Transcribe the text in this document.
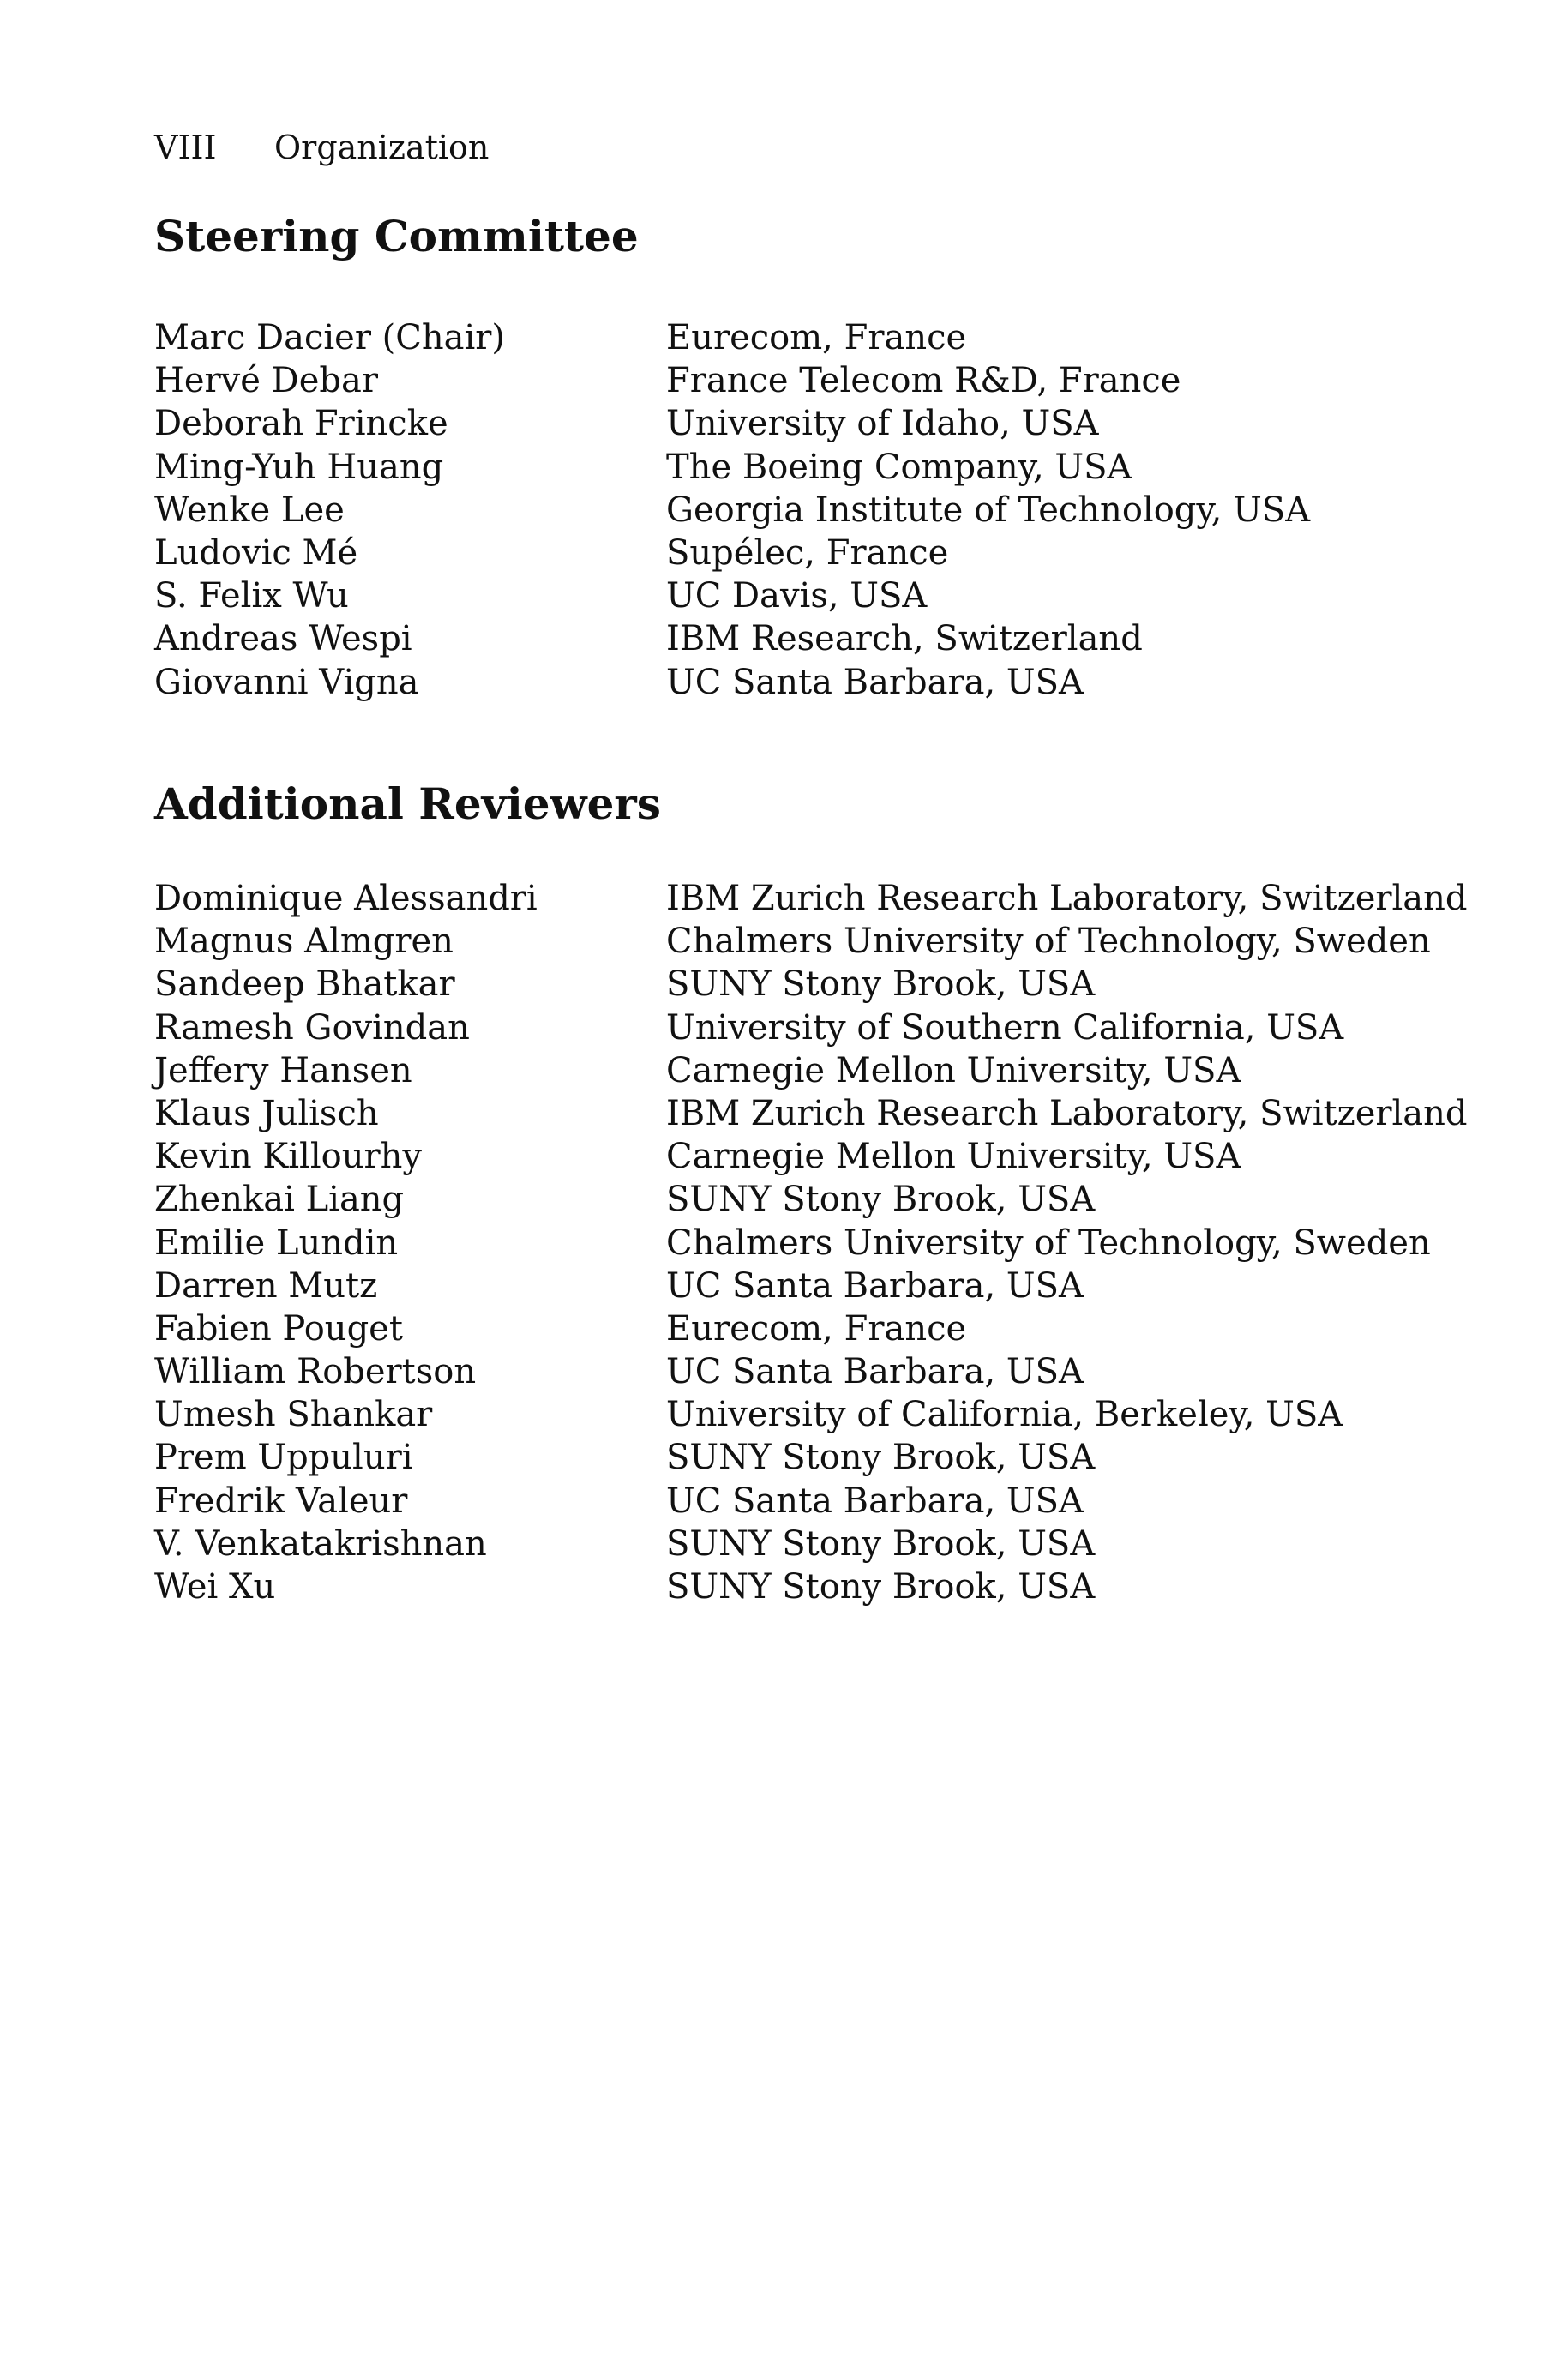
VIII Organization
Steering Committee
Marc Dacier (Chair)	Eurecom, France
Hervé Debar	France Telecom R&D, France
Deborah Frincke	University of Idaho, USA
Ming-Yuh Huang	The Boeing Company, USA
Wenke Lee	Georgia Institute of Technology, USA
Ludovic Mé	Supélec, France
S. Felix Wu	UC Davis, USA
Andreas Wespi	IBM Research, Switzerland
Giovanni Vigna	UC Santa Barbara, USA
Additional Reviewers
Dominique Alessandri	IBM Zurich Research Laboratory, Switzerland
Magnus Almgren	Chalmers University of Technology, Sweden
Sandeep Bhatkar	SUNY Stony Brook, USA
Ramesh Govindan	University of Southern California, USA
Jeffery Hansen	Carnegie Mellon University, USA
Klaus Julisch	IBM Zurich Research Laboratory, Switzerland
Kevin Killourhy	Carnegie Mellon University, USA
Zhenkai Liang	SUNY Stony Brook, USA
Emilie Lundin	Chalmers University of Technology, Sweden
Darren Mutz	UC Santa Barbara, USA
Fabien Pouget	Eurecom, France
William Robertson	UC Santa Barbara, USA
Umesh Shankar	University of California, Berkeley, USA
Prem Uppuluri	SUNY Stony Brook, USA
Fredrik Valeur	UC Santa Barbara, USA
V. Venkatakrishnan	SUNY Stony Brook, USA
Wei Xu	SUNY Stony Brook, USA
